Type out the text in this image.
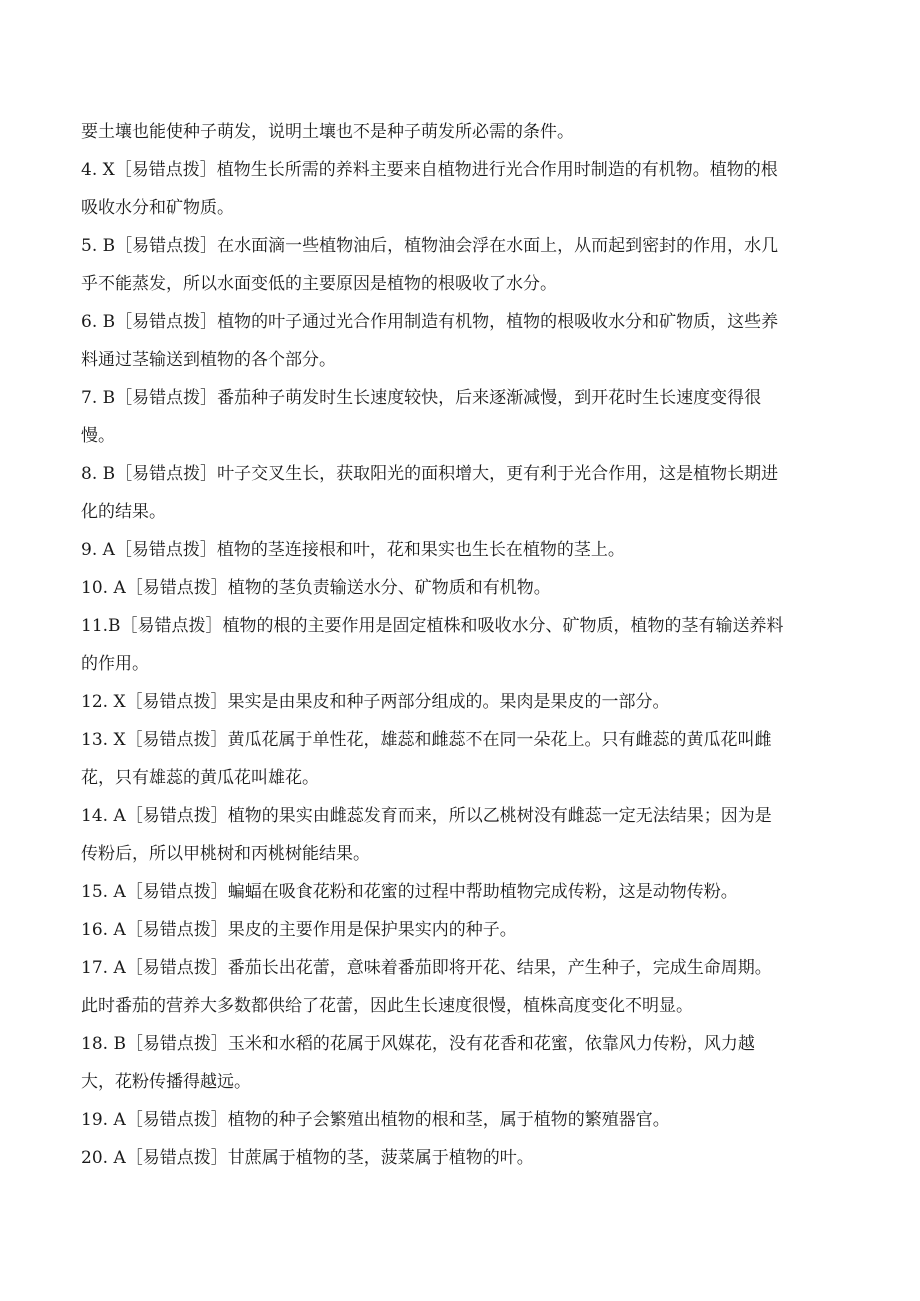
要土壤也能使种子萌发，说明土壤也不是种子萌发所必需的条件。
4. X［易错点拨］植物生长所需的养料主要来自植物进行光合作用时制造的有机物。植物的根
吸收水分和矿物质。
5. B［易错点拨］在水面滴一些植物油后，植物油会浮在水面上，从而起到密封的作用，水几
乎不能蒸发，所以水面变低的主要原因是植物的根吸收了水分。
6. B［易错点拨］植物的叶子通过光合作用制造有机物，植物的根吸收水分和矿物质，这些养
料通过茎输送到植物的各个部分。
7. B［易错点拨］番茄种子萌发时生长速度较快，后来逐渐减慢，到开花时生长速度变得很
慢。
8. B［易错点拨］叶子交叉生长，获取阳光的面积增大，更有利于光合作用，这是植物长期进
化的结果。
9. A［易错点拨］植物的茎连接根和叶，花和果实也生长在植物的茎上。
10. A［易错点拨］植物的茎负责输送水分、矿物质和有机物。
11.B［易错点拨］植物的根的主要作用是固定植株和吸收水分、矿物质，植物的茎有输送养料
的作用。
12. X［易错点拨］果实是由果皮和种子两部分组成的。果肉是果皮的一部分。
13. X［易错点拨］黄瓜花属于单性花，雄蕊和雌蕊不在同一朵花上。只有雌蕊的黄瓜花叫雌
花，只有雄蕊的黄瓜花叫雄花。
14. A［易错点拨］植物的果实由雌蕊发育而来，所以乙桃树没有雌蕊一定无法结果；因为是
传粉后，所以甲桃树和丙桃树能结果。
15. A［易错点拨］蝙蝠在吸食花粉和花蜜的过程中帮助植物完成传粉，这是动物传粉。
16. A［易错点拨］果皮的主要作用是保护果实内的种子。
17. A［易错点拨］番茄长出花蕾，意味着番茄即将开花、结果，产生种子，完成生命周期。
此时番茄的营养大多数都供给了花蕾，因此生长速度很慢，植株高度变化不明显。
18. B［易错点拨］玉米和水稻的花属于风媒花，没有花香和花蜜，依靠风力传粉，风力越
大，花粉传播得越远。
19. A［易错点拨］植物的种子会繁殖出植物的根和茎，属于植物的繁殖器官。
20. A［易错点拨］甘蔗属于植物的茎，菠菜属于植物的叶。
